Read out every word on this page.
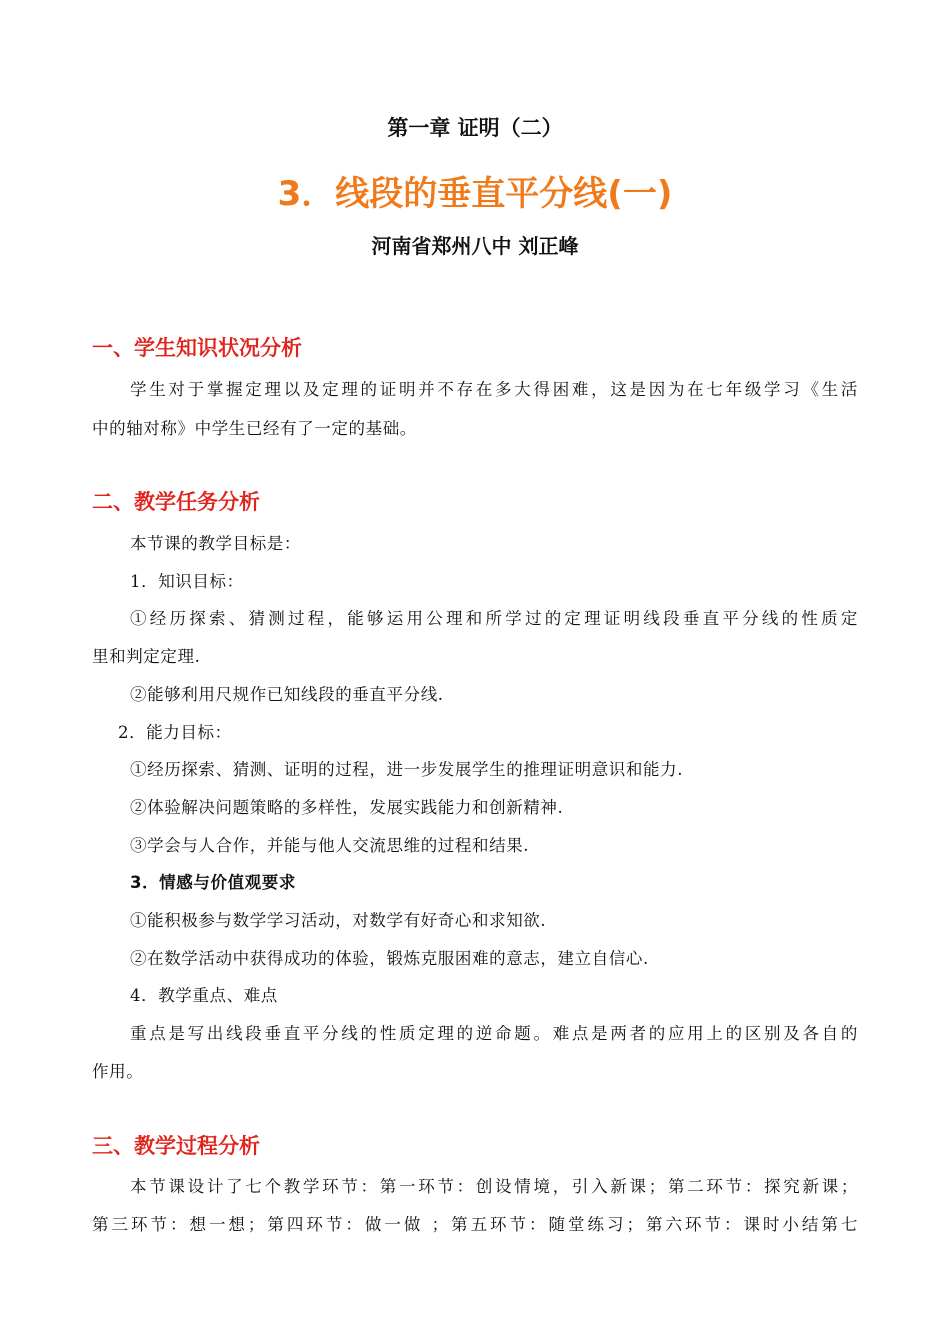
第一章 证明（二）
3．线段的垂直平分线(一)
河南省郑州八中 刘正峰
一、学生知识状况分析
学生对于掌握定理以及定理的证明并不存在多大得困难，这是因为在七年级学习《生活
中的轴对称》中学生已经有了一定的基础。
二、教学任务分析
本节课的教学目标是：
1．知识目标：
①经历探索、猜测过程，能够运用公理和所学过的定理证明线段垂直平分线的性质定
里和判定定理.
②能够利用尺规作已知线段的垂直平分线.
2．能力目标：
①经历探索、猜测、证明的过程，进一步发展学生的推理证明意识和能力.
②体验解决问题策略的多样性，发展实践能力和创新精神.
③学会与人合作，并能与他人交流思维的过程和结果.
3．情感与价值观要求
①能积极参与数学学习活动，对数学有好奇心和求知欲.
②在数学活动中获得成功的体验，锻炼克服困难的意志，建立自信心.
4．教学重点、难点
重点是写出线段垂直平分线的性质定理的逆命题。难点是两者的应用上的区别及各自的
作用。
三、教学过程分析
本节课设计了七个教学环节：第一环节：创设情境，引入新课；第二环节：探究新课；
第三环节：想一想；第四环节：做一做 ；第五环节：随堂练习；第六环节：课时小结第七
